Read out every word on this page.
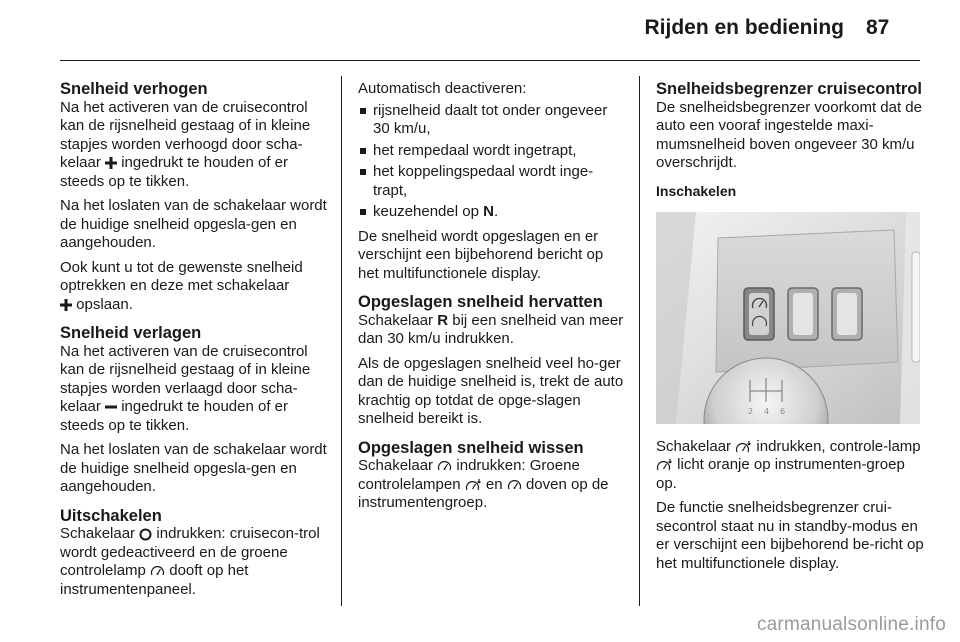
Rijden en bediening 87
Snelheid verhogen

Na het activeren van de cruisecontrol kan de rijsnelheid gestaag of in kleine stapjes worden verhoogd door scha-kelaar ingedrukt te houden of er steeds op te tikken.

Na het loslaten van de schakelaar wordt de huidige snelheid opgesla-gen en aangehouden.

Ook kunt u tot de gewenste snelheid optrekken en deze met schakelaar
opslaan.

Snelheid verlagen

Na het activeren van de cruisecontrol kan de rijsnelheid gestaag of in kleine stapjes worden verlaagd door scha-kelaar ingedrukt te houden of er steeds op te tikken.

Na het loslaten van de schakelaar wordt de huidige snelheid opgesla-gen en aangehouden.

Uitschakelen

Schakelaar indrukken: cruisecon-trol wordt gedeactiveerd en de groene controlelamp dooft op het instrumentenpaneel.

Automatisch deactiveren:

rijsnelheid daalt tot onder ongeveer 30 km/u,
het rempedaal wordt ingetrapt,
het koppelingspedaal wordt inge-trapt,
keuzehendel op N.

De snelheid wordt opgeslagen en er verschijnt een bijbehorend bericht op het multifunctionele display.

Opgeslagen snelheid hervatten

Schakelaar R bij een snelheid van meer dan 30 km/u indrukken.

Als de opgeslagen snelheid veel ho-ger dan de huidige snelheid is, trekt de auto krachtig op totdat de opge-slagen snelheid bereikt is.

Opgeslagen snelheid wissen

Schakelaar indrukken: Groene controlelampen en doven op de instrumentengroep.

Snelheidsbegrenzer cruisecontrol

De snelheidsbegrenzer voorkomt dat de auto een vooraf ingestelde maxi-mumsnelheid boven ongeveer 30 km/u overschrijdt.

Inschakelen
2 4 6

Schakelaar indrukken, controle-lamp  licht oranje op instrumenten-groep op.

De functie snelheidsbegrenzer crui-secontrol staat nu in standby-modus en er verschijnt een bijbehorend be-richt op het multifunctionele display.

carmanualsonline.info
